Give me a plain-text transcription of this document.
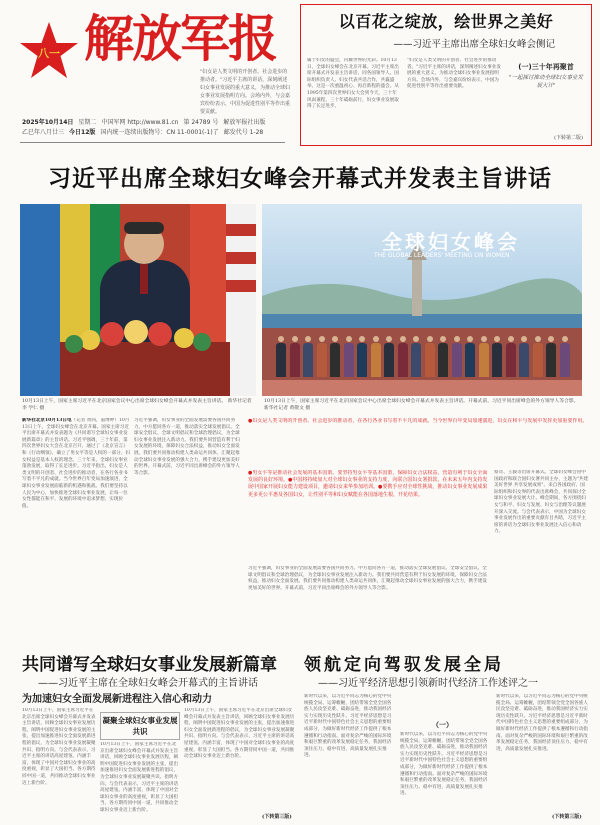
八一 解放军报
"妇女是人类文明的开创者、社会进步的推动者。"习近平主席的讲话，深刻阐述妇女事业发展的重大意义，为推动全球妇女事业发展指明方向。会场内外，与会嘉宾纷纷表示，中国为促进性别平等作出重要贡献。
2025年10月14日 星期二 中国军网 http://www.81.cn 第 24789 号 解放军报社出版
乙巳年八月廿三 今日12版 国内统一连续出版物号：CN 11-0001(-1)了 邮发代号 1-28
以百花之绽放，绘世界之美好
——习近平主席出席全球妇女峰会侧记
属于妇女的盛会，闪耀世界的光彩。10月13日，全球妇女峰会在北京开幕。习近平主席出席开幕式并发表主旨讲话，同各国领导人、国际组织负责人、妇女代表共话合作，共襄盛举。这是一次重温初心、再启新程的盛会。从1995年第四次世界妇女大会到今天，三十年风雨兼程，三十年砥砺前行，妇女事业发展取得了长足进步。
"妇女是人类文明的开创者、社会进步的推动者。"习近平主席的讲话，深刻阐述妇女事业发展的重大意义，为推动全球妇女事业发展指明方向。会场内外，与会嘉宾纷纷表示，中国为促进性别平等作出重要贡献。
(一)三十年再聚首
"一起探讨推动全球妇女事业发展大计"
(下转第二版)
习近平出席全球妇女峰会开幕式并发表主旨讲话
10月13日上午，国家主席习近平在北京国家会议中心出席全球妇女峰会开幕式并发表主旨讲话。 新华社记者 李 学仁 摄
全球妇女峰会
THE GLOBAL LEADERS' MEETING ON WOMEN
10月13日上午，国家主席习近平在北京国家会议中心出席全球妇女峰会开幕式并发表主旨讲话。开幕式前，习近平同出席峰会的外方领导人等合影。 新华社记者 黄敬文 摄
新华社北京10月13日电（记者 黄尚，董博婷）10月13日上午，全球妇女峰会在北京开幕。国家主席习近平出席开幕式并发表题为《共同谱写全球妇女事业发展新篇章》的主旨讲话。习近平强调，三十年前，第四次世界妇女大会在北京召开，通过了《北京宣言》和《行动纲领》，确立了男女平等是人权的一部分、妇女权益是基本人权的理念。三十年来，全球妇女事业蓬勃发展，取得了长足进步。习近平指出，妇女是人类文明的开创者、社会进步的推动者，在各行各业书写着不平凡的成就。当今世界百年变局加速演进，全球妇女事业发展面临新的机遇和挑战。我们要坚持以人民为中心，加快推进全球妇女事业发展，让每一位女性都能在和平、发展的环境中追求梦想、实现价值。
习近平强调，妇女事业的全面发展需要各国共同努力。中方愿同各方一道，推动落实全球发展倡议、全球安全倡议、全球文明倡议和全球治理倡议，为全球妇女事业发展注入新动力。我们要共同营造有利于妇女发展的环境，保障妇女合法权益，推动妇女全面发展。我们要共同推动构建人类命运共同体，汇聚起推动全球妇女事业发展的强大合力，携手建设更加美好的世界。开幕式前，习近平同出席峰会的外方领导人等合影。
●妇女是人类文明的开创者、社会进步的推动者，在各行各业书写着不平凡的成就。当今世界百年变局加速演进，妇女在和平与发展中发挥更加重要作用。
●男女平等是推动社会发展的基本国策。要坚持男女平等基本国策，保障妇女合法权益，营造有利于妇女全面发展的良好环境。●中国将持续加大对全球妇女事业的支持力度，向联合国妇女署捐款，在未来五年内支持发展中国家开展妇女能力建设项目，邀请妇女来华参加培训。●要携手应对全球性挑战，推动妇女事业发展成果更多更公平惠及各国妇女，让性别平等和妇女赋能在各国落地生根、开花结果。
蔡奇、王毅等出席开幕式。全球妇女峰会由中国政府和联合国妇女署共同主办，主题为"共建美好世界 共享发展成果"。来自各国政府、国际组织和妇女界的代表出席峰会，共同探讨全球妇女事业发展大计。峰会期间，各方围绕妇女与和平、妇女与发展、妇女与治理等议题展开深入交流。与会代表表示，中国为全球妇女事业发展作出的重要贡献有目共睹，习近平主席的讲话为全球妇女事业发展注入信心和动力。
习近平强调，妇女事业的全面发展需要各国共同努力。中方愿同各方一道，推动落实全球发展倡议、全球安全倡议、全球文明倡议和全球治理倡议，为全球妇女事业发展注入新动力。我们要共同营造有利于妇女发展的环境，保障妇女合法权益，推动妇女全面发展。我们要共同推动构建人类命运共同体，汇聚起推动全球妇女事业发展的强大合力，携手建设更加美好的世界。开幕式前，习近平同出席峰会的外方领导人等合影。
共同谱写全球妇女事业发展新篇章
——习近平主席在全球妇女峰会开幕式的主旨讲话
为加速妇女全面发展新进程注入信心和动力
10月13日上午，国家主席习近平在北京出席全球妇女峰会开幕式并发表主旨讲话，回顾全球妇女事业发展历程，阐明中国促进妇女事业发展的主张，提出加速推进妇女全面发展新进程的倡议，为全球妇女事业发展凝聚共识、指明方向。与会代表表示，习近平主席的讲话高屋建瓴、内涵丰富，体现了中国对全球妇女事业的高度重视，彰显了大国担当。各方期待同中国一道，共同推动全球妇女事业迈上新台阶。
凝聚全球妇女事业发展共识
10月13日上午，国家主席习近平在北京出席全球妇女峰会开幕式并发表主旨讲话，回顾全球妇女事业发展历程，阐明中国促进妇女事业发展的主张，提出加速推进妇女全面发展新进程的倡议，为全球妇女事业发展凝聚共识、指明方向。与会代表表示，习近平主席的讲话高屋建瓴、内涵丰富，体现了中国对全球妇女事业的高度重视，彰显了大国担当。各方期待同中国一道，共同推动全球妇女事业迈上新台阶。
10月13日上午，国家主席习近平在北京出席全球妇女峰会开幕式并发表主旨讲话，回顾全球妇女事业发展历程，阐明中国促进妇女事业发展的主张，提出加速推进妇女全面发展新进程的倡议，为全球妇女事业发展凝聚共识、指明方向。与会代表表示，习近平主席的讲话高屋建瓴、内涵丰富，体现了中国对全球妇女事业的高度重视，彰显了大国担当。各方期待同中国一道，共同推动全球妇女事业迈上新台阶。
(下转第三版)
领航定向驾驭发展全局
——习近平经济思想引领新时代经济工作述评之一
新时代以来，以习近平同志为核心的党中央统揽全局、运筹帷幄，团结带领全党全国各族人民攻坚克难、砥砺奋进，推动我国经济实力实现历史性跃升。习近平经济思想是习近平新时代中国特色社会主义思想的重要组成部分，为做好新时代经济工作提供了根本遵循和行动指南。面对复杂严峻的国际环境和艰巨繁重的改革发展稳定任务，我国经济顶住压力、稳中有进，高质量发展扎实推进。
（一）
新时代以来，以习近平同志为核心的党中央统揽全局、运筹帷幄，团结带领全党全国各族人民攻坚克难、砥砺奋进，推动我国经济实力实现历史性跃升。习近平经济思想是习近平新时代中国特色社会主义思想的重要组成部分，为做好新时代经济工作提供了根本遵循和行动指南。面对复杂严峻的国际环境和艰巨繁重的改革发展稳定任务，我国经济顶住压力、稳中有进，高质量发展扎实推进。
新时代以来，以习近平同志为核心的党中央统揽全局、运筹帷幄，团结带领全党全国各族人民攻坚克难、砥砺奋进，推动我国经济实力实现历史性跃升。习近平经济思想是习近平新时代中国特色社会主义思想的重要组成部分，为做好新时代经济工作提供了根本遵循和行动指南。面对复杂严峻的国际环境和艰巨繁重的改革发展稳定任务，我国经济顶住压力、稳中有进，高质量发展扎实推进。
(下转第三版)
